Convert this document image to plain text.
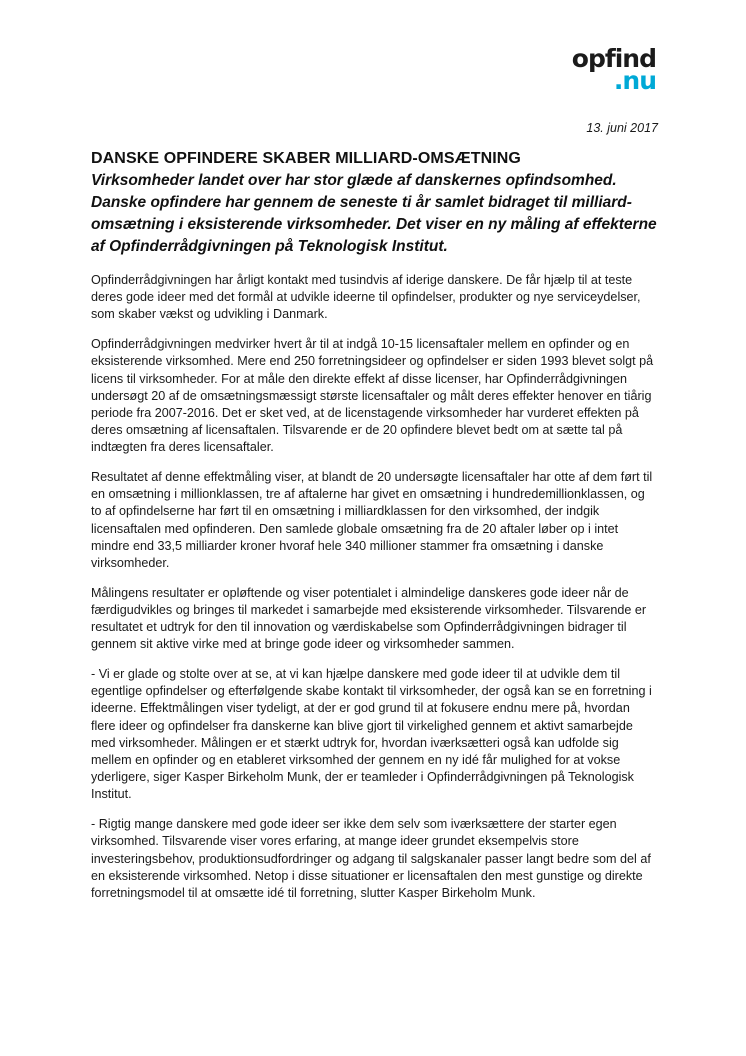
opfind
.nu
13. juni 2017
DANSKE OPFINDERE SKABER MILLIARD-OMSÆTNING

Virksomheder landet over har stor glæde af danskernes opfindsomhed. Danske opfindere har gennem de seneste ti år samlet bidraget til milliard-omsætning i eksisterende virksomheder. Det viser en ny måling af effekterne af Opfinderrådgivningen på Teknologisk Institut.

Opfinderrådgivningen har årligt kontakt med tusindvis af iderige danskere. De får hjælp til at teste deres gode ideer med det formål at udvikle ideerne til opfindelser, produkter og nye serviceydelser, som skaber vækst og udvikling i Danmark.

Opfinderrådgivningen medvirker hvert år til at indgå 10-15 licensaftaler mellem en opfinder og en eksisterende virksomhed. Mere end 250 forretningsideer og opfindelser er siden 1993 blevet solgt på licens til virksomheder. For at måle den direkte effekt af disse licenser, har Opfinderrådgivningen undersøgt 20 af de omsætningsmæssigt største licensaftaler og målt deres effekter henover en tiårig periode fra 2007-2016. Det er sket ved, at de licenstagende virksomheder har vurderet effekten på deres omsætning af licensaftalen. Tilsvarende er de 20 opfindere blevet bedt om at sætte tal på indtægten fra deres licensaftaler.

Resultatet af denne effektmåling viser, at blandt de 20 undersøgte licensaftaler har otte af dem ført til en omsætning i millionklassen, tre af aftalerne har givet en omsætning i hundredemillionklassen, og to af opfindelserne har ført til en omsætning i milliardklassen for den virksomhed, der indgik licensaftalen med opfinderen. Den samlede globale omsætning fra de 20 aftaler løber op i intet mindre end 33,5 milliarder kroner hvoraf hele 340 millioner stammer fra omsætning i danske virksomheder.

Målingens resultater er opløftende og viser potentialet i almindelige danskeres gode ideer når de færdigudvikles og bringes til markedet i samarbejde med eksisterende virksomheder. Tilsvarende er resultatet et udtryk for den til innovation og værdiskabelse som Opfinderrådgivningen bidrager til gennem sit aktive virke med at bringe gode ideer og virksomheder sammen.

- Vi er glade og stolte over at se, at vi kan hjælpe danskere med gode ideer til at udvikle dem til egentlige opfindelser og efterfølgende skabe kontakt til virksomheder, der også kan se en forretning i ideerne. Effektmålingen viser tydeligt, at der er god grund til at fokusere endnu mere på, hvordan flere ideer og opfindelser fra danskerne kan blive gjort til virkelighed gennem et aktivt samarbejde med virksomheder. Målingen er et stærkt udtryk for, hvordan iværksætteri også kan udfolde sig mellem en opfinder og en etableret virksomhed der gennem en ny idé får mulighed for at vokse yderligere, siger Kasper Birkeholm Munk, der er teamleder i Opfinderrådgivningen på Teknologisk Institut.

- Rigtig mange danskere med gode ideer ser ikke dem selv som iværksættere der starter egen virksomhed. Tilsvarende viser vores erfaring, at mange ideer grundet eksempelvis store investeringsbehov, produktionsudfordringer og adgang til salgskanaler passer langt bedre som del af en eksisterende virksomhed. Netop i disse situationer er licensaftalen den mest gunstige og direkte forretningsmodel til at omsætte idé til forretning, slutter Kasper Birkeholm Munk.
